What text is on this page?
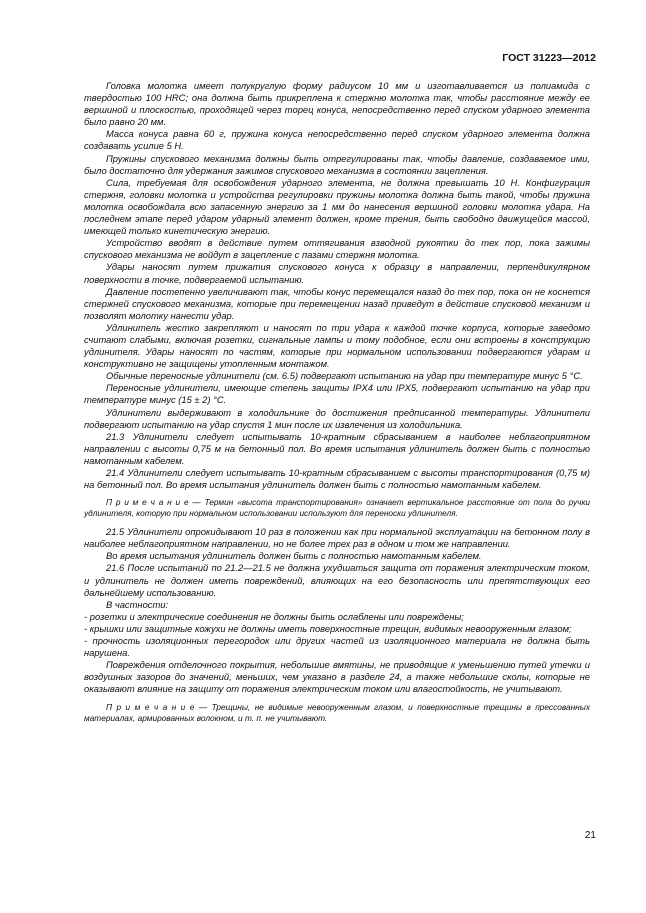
ГОСТ 31223—2012

Головка молотка имеет полукруглую форму радиусом 10 мм и изготавливается из полиамида с твердостью 100 HRC; она должна быть прикреплена к стержню молотка так, чтобы расстояние между ее вершиной и плоскостью, проходящей через торец конуса, непосредственно перед спуском ударного элемента было равно 20 мм.

Масса конуса равна 60 г, пружина конуса непосредственно перед спуском ударного элемента должна создавать усилие 5 Н.

Пружины спускового механизма должны быть отрегулированы так, чтобы давление, создаваемое ими, было достаточно для удержания зажимов спускового механизма в состоянии зацепления.

Сила, требуемая для освобождения ударного элемента, не должна превышать 10 Н. Конфигурация стержня, головки молотка и устройства регулировки пружины молотка должна быть такой, чтобы пружина молотка освобождала всю запасенную энергию за 1 мм до нанесения вершиной головки молотка удара. На последнем этапе перед ударом ударный элемент должен, кроме трения, быть свободно движущейся массой, имеющей только кинетическую энергию.

Устройство вводят в действие путем оттягивания взводной рукоятки до тех пор, пока зажимы спускового механизма не войдут в зацепление с пазами стержня молотка.

Удары наносят путем прижатия спускового конуса к образцу в направлении, перпендикулярном поверхности в точке, подвергаемой испытанию.

Давление постепенно увеличивают так, чтобы конус перемещался назад до тех пор, пока он не коснется стержней спускового механизма, которые при перемещении назад приведут в действие спусковой механизм и позволят молотку нанести удар.

Удлинитель жестко закрепляют и наносят по три удара к каждой точке корпуса, которые заведомо считают слабыми, включая розетки, сигнальные лампы и тому подобное, если они встроены в конструкцию удлинителя. Удары наносят по частям, которые при нормальном использовании подвергаются ударам и конструктивно не защищены утопленным монтажом.

Обычные переносные удлинители (см. 6.5) подвергают испытанию на удар при температуре минус 5 °С.

Переносные удлинители, имеющие степень защиты IPX4 или IPX5, подвергают испытанию на удар при температуре минус (15 ± 2) °С.

Удлинители выдерживают в холодильнике до достижения предписанной температуры. Удлинители подвергают испытанию на удар спустя 1 мин после их извлечения из холодильника.

21.3 Удлинители следует испытывать 10-кратным сбрасыванием в наиболее неблагоприятном направлении с высоты 0,75 м на бетонный пол. Во время испытания удлинитель должен быть с полностью намотанным кабелем.

21.4 Удлинители следует испытывать 10-кратным сбрасыванием с высоты транспортирования (0,75 м) на бетонный пол. Во время испытания удлинитель должен быть с полностью намотанным кабелем.

П р и м е ч а н и е — Термин «высота транспортирования» означает вертикальное расстояние от пола до ручки удлинителя, которую при нормальном использовании используют для переноски удлинителя.

21.5 Удлинители опрокидывают 10 раз в положении как при нормальной эксплуатации на бетонном полу в наиболее неблагоприятном направлении, но не более трех раз в одном и том же направлении.

Во время испытания удлинитель должен быть с полностью намотанным кабелем.

21.6 После испытаний по 21.2—21.5 не должна ухудшаться защита от поражения электрическим током, и удлинитель не должен иметь повреждений, влияющих на его безопасность или препятствующих его дальнейшему использованию.

В частности:

- розетки и электрические соединения не должны быть ослаблены или повреждены;

- крышки или защитные кожухи не должны иметь поверхностные трещин, видимых невооруженным глазом;

- прочность изоляционных перегородок или других частей из изоляционного материала не должна быть нарушена.

Повреждения отделочного покрытия, небольшие вмятины, не приводящие к уменьшению путей утечки и воздушных зазоров до значений, меньших, чем указано в разделе 24, а также небольшие сколы, которые не оказывают влияние на защиту от поражения электрическим током или влагостойкость, не учитывают.

П р и м е ч а н и е — Трещины, не видимые невооруженным глазом, и поверхностные трещины в прессованных материалах, армированных волокном, и т. п. не учитывают.

21
